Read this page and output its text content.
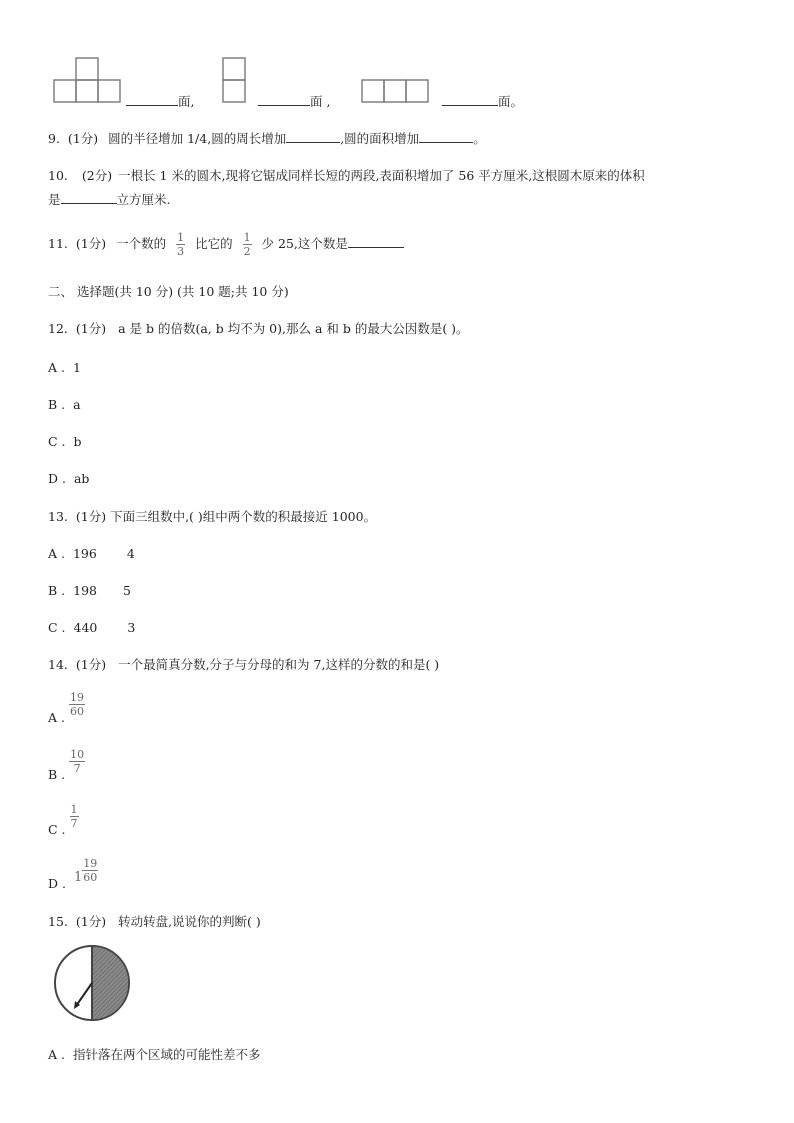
面,	面 ,	面。
9. (1分) 圆的半径增加 1/4,圆的周长增加	,圆的面积增加	。
10. (2分) 一根长 1 米的圆木,现将它锯成同样长短的两段,表面积增加了 56 平方厘米,这根圆木原来的体积
是	立方厘米.
11. (1分) 一个数的 $\frac{1}{3}$ 比它的 $\frac{1}{2}$ 少 25,这个数是
二、 选择题(共 10 分) (共 10 题;共 10 分)
12. (1分) a 是 b 的倍数(a, b 均不为 0),那么 a 和 b 的最大公因数是( )。
A . 1
B . a
C . b
D . ab
13. (1分) 下面三组数中,( )组中两个数的积最接近 1000。
A . 196 4
B . 198 5
C . 440 3
14. (1分) 一个最简真分数,分子与分母的和为 7,这样的分数的和是( )
A .
$\frac{19}{60}$
B .
$\frac{10}{7}$
C .
$\frac{1}{7}$
D . $1 \frac{19}{60}$
15. (1分) 转动转盘,说说你的判断( )
A . 指针落在两个区域的可能性差不多
